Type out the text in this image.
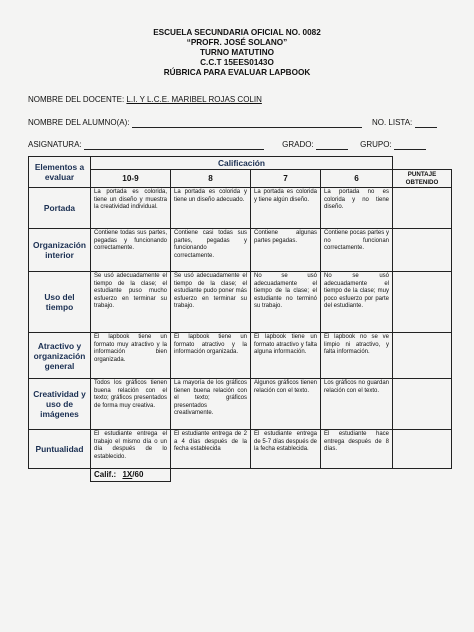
ESCUELA SECUNDARIA OFICIAL NO. 0082
“PROFR. JOSÉ SOLANO”
TURNO MATUTINO
C.C.T 15EES0143O
RÚBRICA PARA EVALUAR LAPBOOK
NOMBRE DEL DOCENTE: L.I. Y L.C.E. MARIBEL ROJAS COLIN
NOMBRE DEL ALUMNO(A):	NO. LISTA:
ASIGNATURA:	GRADO:	GRUPO:
Elementos a evaluar	Calificación				
	10-9	8	7	6	PUNTAJE OBTENIDO
Portada	La portada es colorida, tiene un diseño y muestra la creatividad individual.	La portada es colorida y tiene un diseño adecuado.	La portada es colorida y tiene algún diseño.	La portada no es colorida y no tiene diseño.	
Organización interior	Contiene todas sus partes, pegadas y funcionando correctamente.	Contiene casi todas sus partes, pegadas y funcionando correctamente.	Contiene algunas partes pegadas.	Contiene pocas partes y no funcionan correctamente.	
Uso del tiempo	Se usó adecuadamente el tiempo de la clase; el estudiante puso mucho esfuerzo en terminar su trabajo.	Se usó adecuadamente el tiempo de la clase; el estudiante pudo poner más esfuerzo en terminar su trabajo.	No se usó adecuadamente el tiempo de la clase; el estudiante no terminó su trabajo.	No se usó adecuadamente el tiempo de la clase; muy poco esfuerzo por parte del estudiante.	
Atractivo y organización general	El lapbook tiene un formato muy atractivo y la información bien organizada.	El lapbook tiene un formato atractivo y la información organizada.	El lapbook tiene un formato atractivo y falta alguna información.	El lapbook no se ve limpio ni atractivo, y falta información.	
Creatividad y uso de imágenes	Todos los gráficos tienen buena relación con el texto; gráficos presentados de forma muy creativa.	La mayoría de los gráficos tienen buena relación con el texto; gráficos presentados creativamente.	Algunos gráficos tienen relación con el texto.	Los gráficos no guardan relación con el texto.	
Puntualidad	El estudiante entrega el trabajo el mismo día o un día después de lo establecido.	El estudiante entrega de 2 a 4 días después de la fecha establecida	El estudiante entrega de 5-7 días después de la fecha establecida.	El estudiante hace entrega después de 8 días.	
	Calif.: 1X/60				
